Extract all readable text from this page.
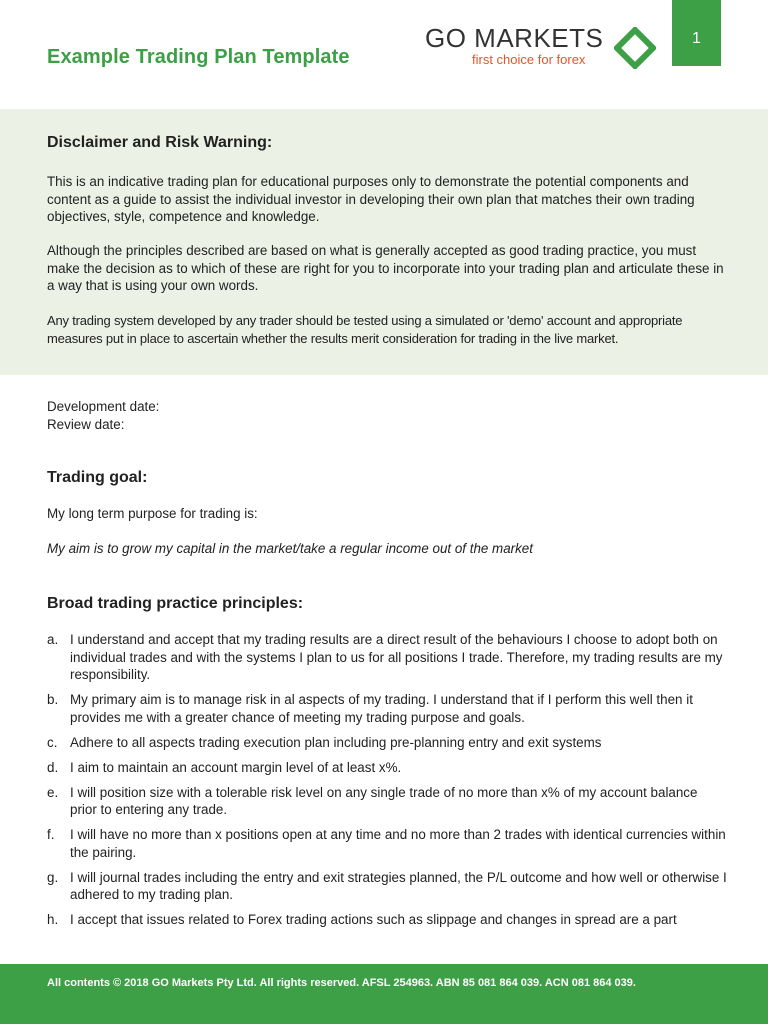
Example Trading Plan Template
GO MARKETS
first choice for forex
1
Disclaimer and Risk Warning:

This is an indicative trading plan for educational purposes only to demonstrate the potential components and content as a guide to assist the individual investor in developing their own plan that matches their own trading objectives, style, competence and knowledge.

Although the principles described are based on what is generally accepted as good trading practice, you must make the decision as to which of these are right for you to incorporate into your trading plan and articulate these in a way that is using your own words.

Any trading system developed by any trader should be tested using a simulated or 'demo' account and appropriate measures put in place to ascertain whether the results merit consideration for trading in the live market.

Development date:
Review date:
Trading goal:
My long term purpose for trading is:
My aim is to grow my capital in the market/take a regular income out of the market
Broad trading practice principles:
a. I understand and accept that my trading results are a direct result of the behaviours I choose to adopt both on individual trades and with the systems I plan to us for all positions I trade. Therefore, my trading results are my responsibility.
b. My primary aim is to manage risk in al aspects of my trading. I understand that if I perform this well then it provides me with a greater chance of meeting my trading purpose and goals.
c. Adhere to all aspects trading execution plan including pre-planning entry and exit systems
d. I aim to maintain an account margin level of at least x%.
e. I will position size with a tolerable risk level on any single trade of no more than x% of my account balance prior to entering any trade.
f.	I will have no more than x positions open at any time and no more than 2 trades with identical currencies within the pairing.
g. I will journal trades including the entry and exit strategies planned, the P/L outcome and how well or otherwise I adhered to my trading plan.
h. I accept that issues related to Forex trading actions such as slippage and changes in spread are a part
All contents © 2018 GO Markets Pty Ltd. All rights reserved. AFSL 254963. ABN 85 081 864 039. ACN 081 864 039.
